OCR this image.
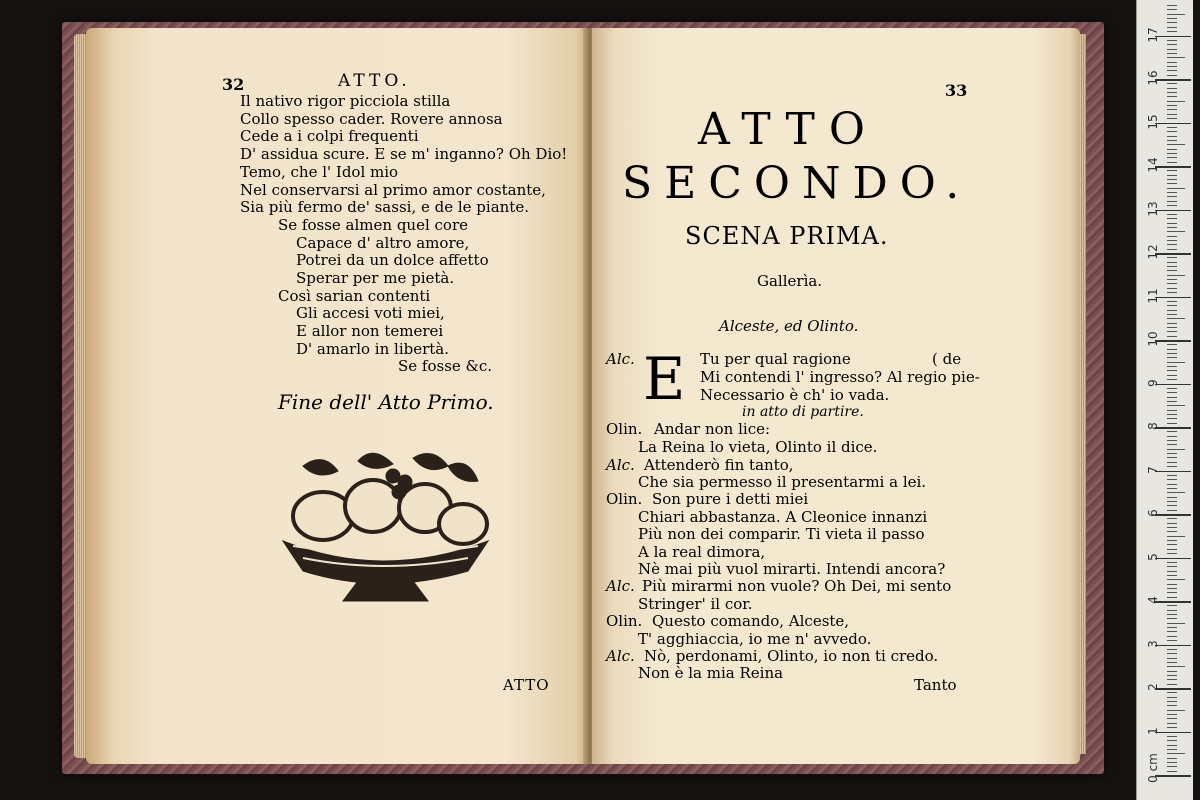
32	ATTO.
Il nativo rigor picciola stilla
Collo spesso cader. Rovere annosa
Cede a i colpi frequenti
D' assidua scure. E se m' inganno? Oh Dio!
Temo, che l' Idol mio
Nel conservarsi al primo amor costante,
Sia più fermo de' sassi, e de le piante.
Se fosse almen quel core
Capace d' altro amore,
Potrei da un dolce affetto
Sperar per me pietà.
Così sarian contenti
Gli accesi voti miei,
E allor non temerei
D' amarlo in libertà.
Se fosse &c.
Fine dell' Atto Primo.
ATTO
33
ATTO
SECONDO.
SCENA PRIMA.
Gallerìa.
Alceste, ed Olinto.
E
Alc.	Tu per qual ragione	( de
Mi contendi l' ingresso? Al regio pie-
Necessario è ch' io vada.
in atto di partire.
Olin. Andar non lice:
La Reina lo vieta, Olinto il dice.
Alc. Attenderò fin tanto,
Che sia permesso il presentarmi a lei.
Olin. Son pure i detti miei
Chiari abbastanza. A Cleonice innanzi
Più non dei comparir. Ti vieta il passo
A la real dimora,
Nè mai più vuol mirarti. Intendi ancora?
Alc. Più mirarmi non vuole? Oh Dei, mi sento
Stringer' il cor.
Olin. Questo comando, Alceste,
T' agghiaccia, io me n' avvedo.
Alc. Nò, perdonami, Olinto, io non ti credo.
Non è la mia Reina
Tanto
0 cm
1
2
3
4
5
6
7
8
9
10
11
12
13
14
15
16
17
